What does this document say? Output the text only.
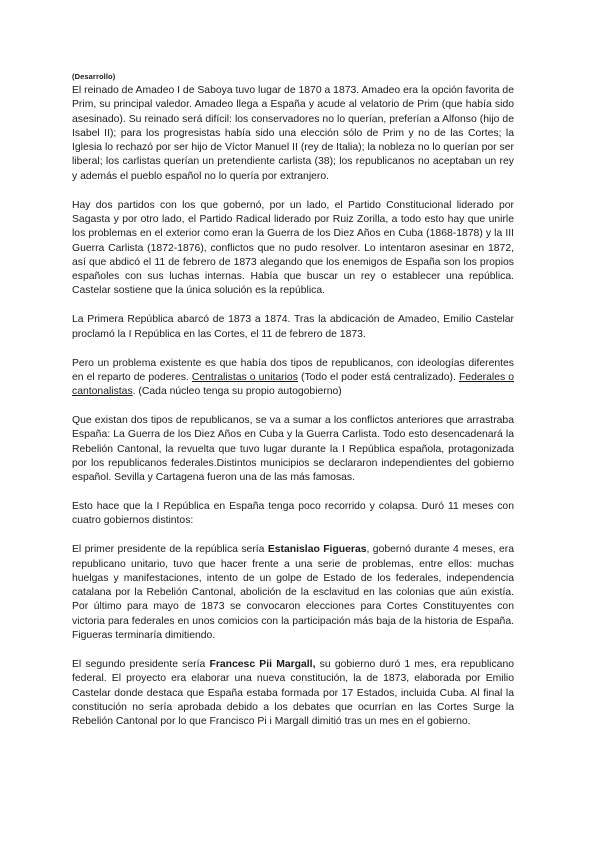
(Desarrollo)

El reinado de Amadeo I de Saboya tuvo lugar de 1870 a 1873. Amadeo era la opción favorita de Prim, su principal valedor. Amadeo llega a España y acude al velatorio de Prim (que había sido asesinado). Su reinado será difícil: los conservadores no lo querían, preferían a Alfonso (hijo de Isabel II); para los progresistas había sido una elección sólo de Prim y no de las Cortes; la Iglesia lo rechazó por ser hijo de Víctor Manuel II (rey de Italia); la nobleza no lo querían por ser liberal; los carlistas querían un pretendiente carlista (38); los republicanos no aceptaban un rey y además el pueblo español no lo quería por extranjero.

Hay dos partidos con los que gobernó, por un lado, el Partido Constitucional liderado por Sagasta y por otro lado, el Partido Radical liderado por Ruiz Zorilla, a todo esto hay que unirle los problemas en el exterior como eran la Guerra de los Diez Años en Cuba (1868-1878) y la III Guerra Carlista (1872-1876), conflictos que no pudo resolver. Lo intentaron asesinar en 1872, así que abdicó el 11 de febrero de 1873 alegando que los enemigos de España son los propios españoles con sus luchas internas. Había que buscar un rey o establecer una república. Castelar sostiene que la única solución es la república.

La Primera República abarcó de 1873 a 1874. Tras la abdicación de Amadeo, Emilio Castelar proclamó la I República en las Cortes, el 11 de febrero de 1873.

Pero un problema existente es que había dos tipos de republicanos, con ideologías diferentes en el reparto de poderes. Centralistas o unitarios (Todo el poder está centralizado). Federales o cantonalistas. (Cada núcleo tenga su propio autogobierno)

Que existan dos tipos de republicanos, se va a sumar a los conflictos anteriores que arrastraba España: La Guerra de los Diez Años en Cuba y la Guerra Carlista. Todo esto desencadenará la Rebelión Cantonal, la revuelta que tuvo lugar durante la I República española, protagonizada por los republicanos federales.Distintos municipios se declararon independientes del gobierno español. Sevilla y Cartagena fueron una de las más famosas.

Esto hace que la I República en España tenga poco recorrido y colapsa. Duró 11 meses con cuatro gobiernos distintos:

El primer presidente de la república sería Estanislao Figueras, gobernó durante 4 meses, era republicano unitario, tuvo que hacer frente a una serie de problemas, entre ellos: muchas huelgas y manifestaciones, intento de un golpe de Estado de los federales, independencia catalana por la Rebelión Cantonal, abolición de la esclavitud en las colonias que aún existía. Por último para mayo de 1873 se convocaron elecciones para Cortes Constituyentes con victoria para federales en unos comicios con la participación más baja de la historia de España. Figueras terminaría dimitiendo.

El segundo presidente sería Francesc Pii Margall, su gobierno duró 1 mes, era republicano federal. El proyecto era elaborar una nueva constitución, la de 1873, elaborada por Emilio Castelar donde destaca que España estaba formada por 17 Estados, incluida Cuba. Al final la constitución no sería aprobada debido a los debates que ocurrían en las Cortes Surge la Rebelión Cantonal por lo que Francisco Pi i Margall dimitió tras un mes en el gobierno.
